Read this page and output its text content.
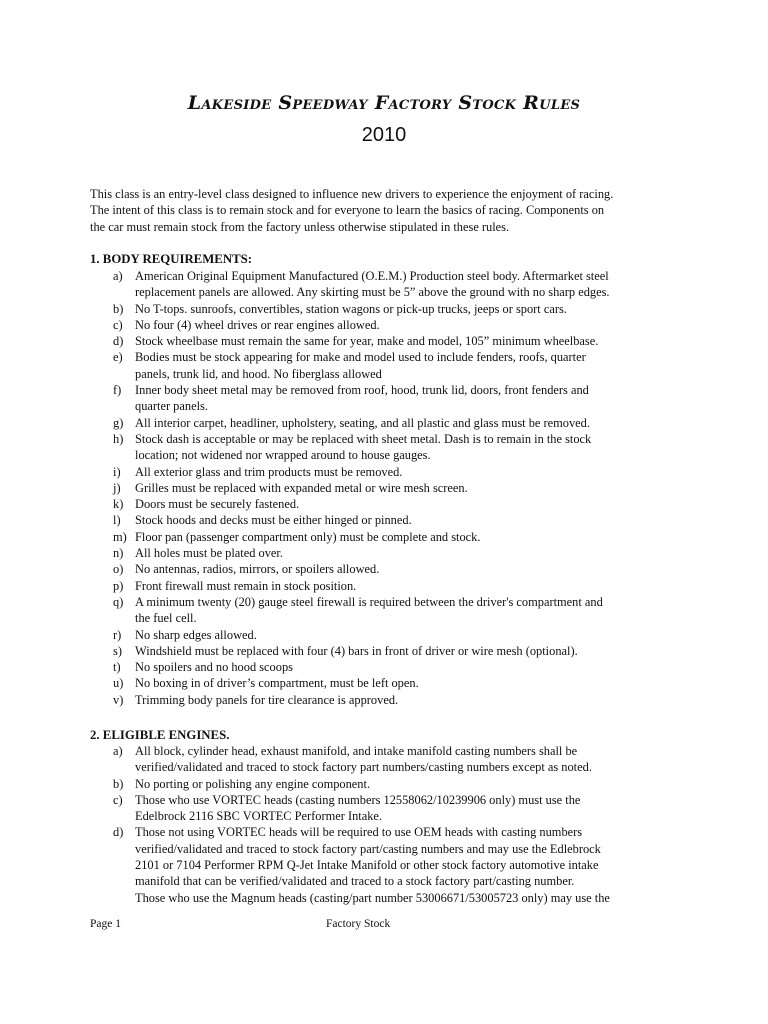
Lakeside Speedway Factory Stock Rules
2010

This class is an entry-level class designed to influence new drivers to experience the enjoyment of racing.
The intent of this class is to remain stock and for everyone to learn the basics of racing. Components on
the car must remain stock from the factory unless otherwise stipulated in these rules.

1. BODY REQUIREMENTS:

a) American Original Equipment Manufactured (O.E.M.) Production steel body. Aftermarket steel
replacement panels are allowed. Any skirting must be 5” above the ground with no sharp edges.
b) No T-tops. sunroofs, convertibles, station wagons or pick-up trucks, jeeps or sport cars.
c) No four (4) wheel drives or rear engines allowed.
d) Stock wheelbase must remain the same for year, make and model, 105” minimum wheelbase.
e) Bodies must be stock appearing for make and model used to include fenders, roofs, quarter
panels, trunk lid, and hood. No fiberglass allowed
f) Inner body sheet metal may be removed from roof, hood, trunk lid, doors, front fenders and
quarter panels.
g) All interior carpet, headliner, upholstery, seating, and all plastic and glass must be removed.
h) Stock dash is acceptable or may be replaced with sheet metal. Dash is to remain in the stock
location; not widened nor wrapped around to house gauges.
i) All exterior glass and trim products must be removed.
j) Grilles must be replaced with expanded metal or wire mesh screen.
k) Doors must be securely fastened.
l) Stock hoods and decks must be either hinged or pinned.
m) Floor pan (passenger compartment only) must be complete and stock.
n) All holes must be plated over.
o) No antennas, radios, mirrors, or spoilers allowed.
p) Front firewall must remain in stock position.
q) A minimum twenty (20) gauge steel firewall is required between the driver's compartment and
the fuel cell.
r) No sharp edges allowed.
s) Windshield must be replaced with four (4) bars in front of driver or wire mesh (optional).
t) No spoilers and no hood scoops
u) No boxing in of driver’s compartment, must be left open.
v) Trimming body panels for tire clearance is approved.

2. ELIGIBLE ENGINES.

a) All block, cylinder head, exhaust manifold, and intake manifold casting numbers shall be
verified/validated and traced to stock factory part numbers/casting numbers except as noted.
b) No porting or polishing any engine component.
c) Those who use VORTEC heads (casting numbers 12558062/10239906 only) must use the
Edelbrock 2116 SBC VORTEC Performer Intake.
d) Those not using VORTEC heads will be required to use OEM heads with casting numbers
verified/validated and traced to stock factory part/casting numbers and may use the Edlebrock
2101 or 7104 Performer RPM Q-Jet Intake Manifold or other stock factory automotive intake
manifold that can be verified/validated and traced to a stock factory part/casting number.
Those who use the Magnum heads (casting/part number 53006671/53005723 only) may use the
Page 1	Factory Stock
